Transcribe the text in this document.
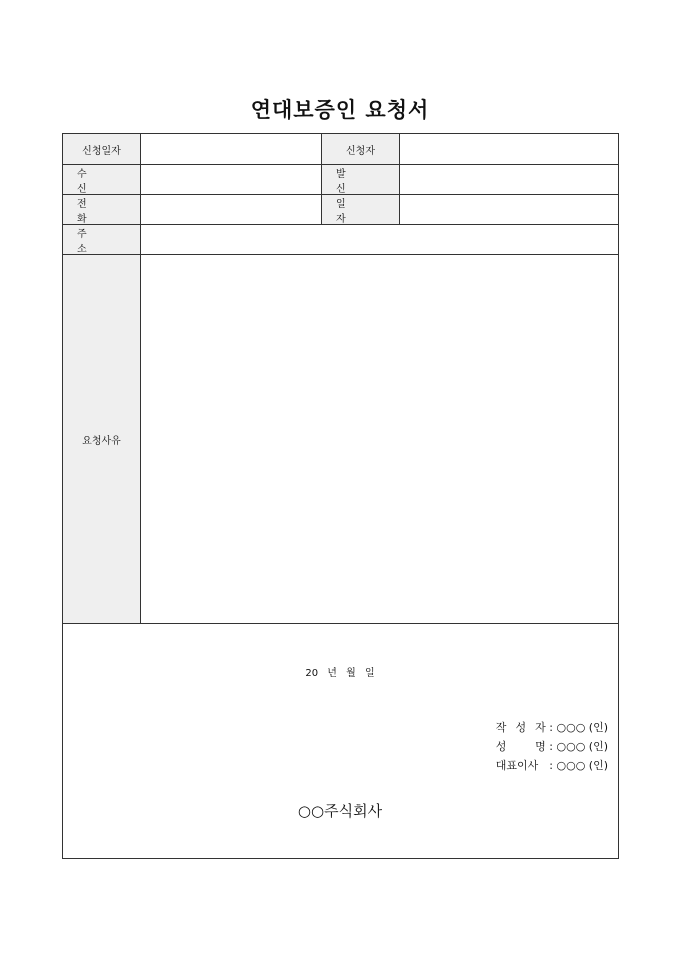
연대보증인 요청서
신청일자	신청자
수 신
발 신
전 화
일 자
주 소
요청사유
20 년 월 일
작 성 자 : ○○○ (인)
성 명 : ○○○ (인)
대표이사 : ○○○ (인)
○○주식회사
